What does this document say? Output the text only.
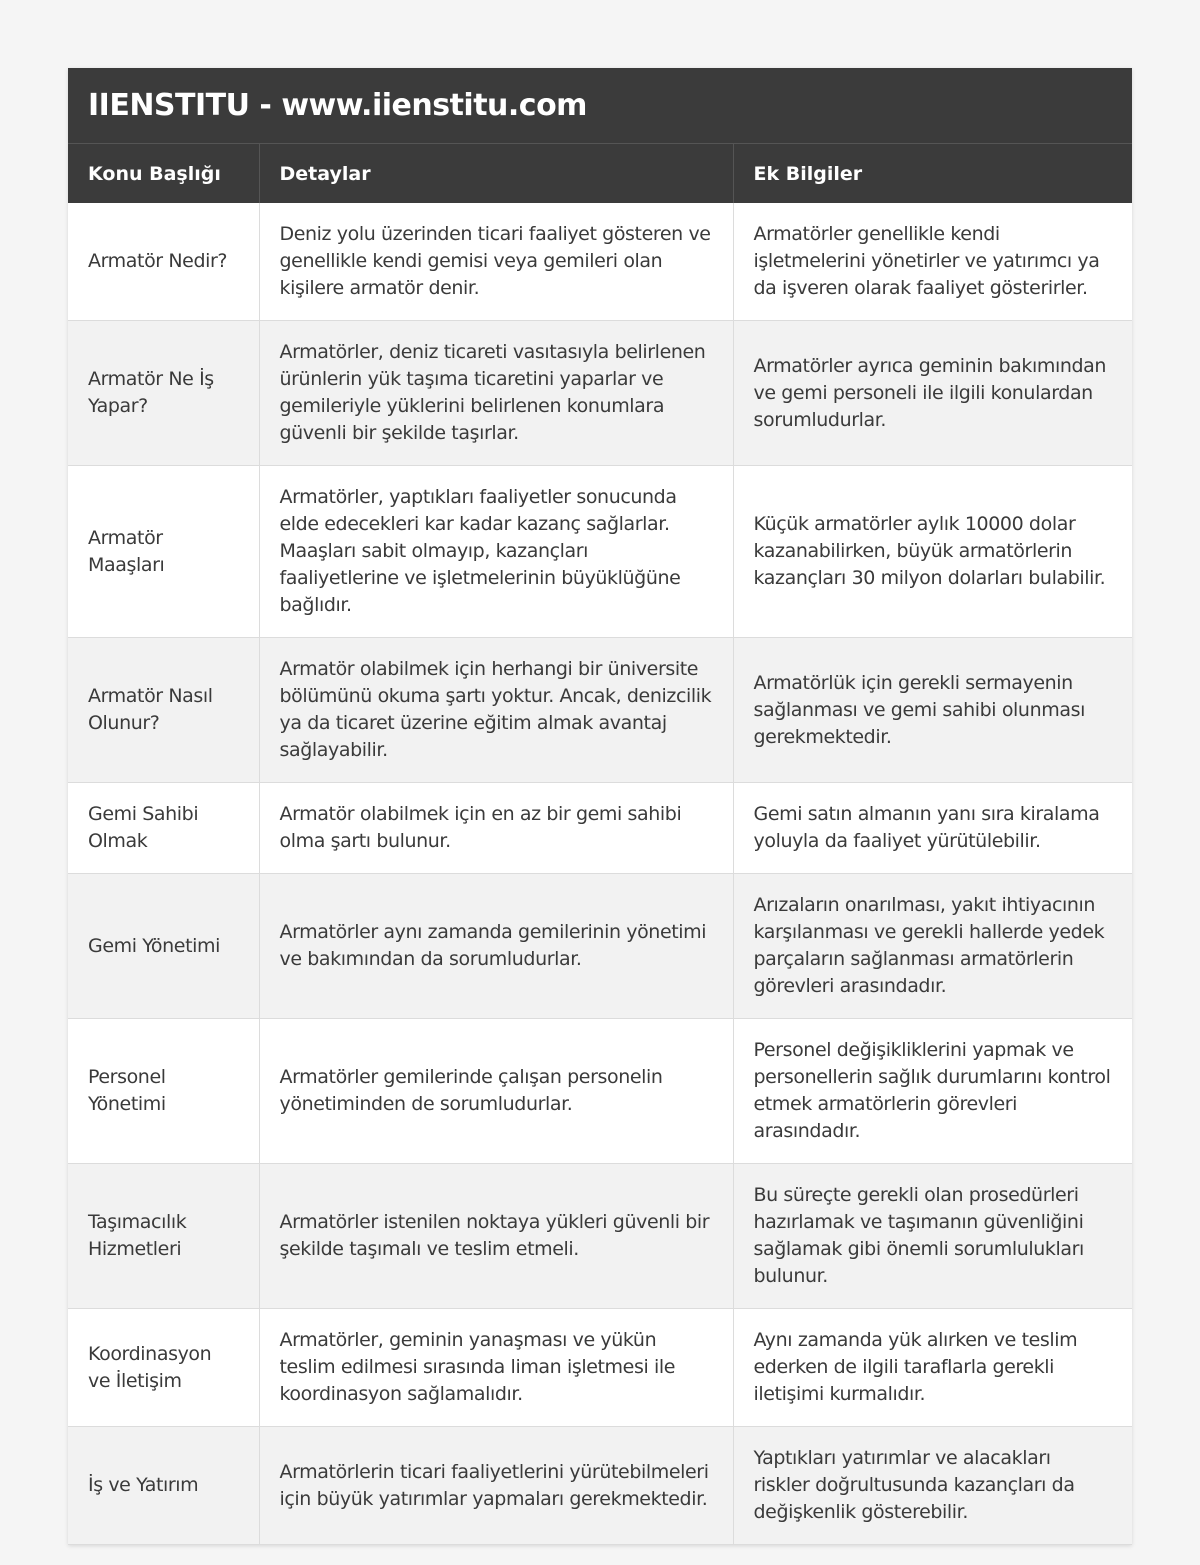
IIENSTITU - www.iienstitu.com
Konu Başlığı	Detaylar	Ek Bilgiler
Armatör Nedir?	Deniz yolu üzerinden ticari faaliyet gösteren ve genellikle kendi gemisi veya gemileri olan kişilere armatör denir.	Armatörler genellikle kendi işletmelerini yönetirler ve yatırımcı ya da işveren olarak faaliyet gösterirler.
Armatör Ne İş Yapar?	Armatörler, deniz ticareti vasıtasıyla belirlenen ürünlerin yük taşıma ticaretini yaparlar ve gemileriyle yüklerini belirlenen konumlara güvenli bir şekilde taşırlar.	Armatörler ayrıca geminin bakımından ve gemi personeli ile ilgili konulardan sorumludurlar.
Armatör Maaşları	Armatörler, yaptıkları faaliyetler sonucunda elde edecekleri kar kadar kazanç sağlarlar. Maaşları sabit olmayıp, kazançları faaliyetlerine ve işletmelerinin büyüklüğüne bağlıdır.	Küçük armatörler aylık 10000 dolar kazanabilirken, büyük armatörlerin kazançları 30 milyon dolarları bulabilir.
Armatör Nasıl Olunur?	Armatör olabilmek için herhangi bir üniversite bölümünü okuma şartı yoktur. Ancak, denizcilik ya da ticaret üzerine eğitim almak avantaj sağlayabilir.	Armatörlük için gerekli sermayenin sağlanması ve gemi sahibi olunması gerekmektedir.
Gemi Sahibi Olmak	Armatör olabilmek için en az bir gemi sahibi olma şartı bulunur.	Gemi satın almanın yanı sıra kiralama yoluyla da faaliyet yürütülebilir.
Gemi Yönetimi	Armatörler aynı zamanda gemilerinin yönetimi ve bakımından da sorumludurlar.	Arızaların onarılması, yakıt ihtiyacının karşılanması ve gerekli hallerde yedek parçaların sağlanması armatörlerin görevleri arasındadır.
Personel Yönetimi	Armatörler gemilerinde çalışan personelin yönetiminden de sorumludurlar.	Personel değişikliklerini yapmak ve personellerin sağlık durumlarını kontrol etmek armatörlerin görevleri arasındadır.
Taşımacılık Hizmetleri	Armatörler istenilen noktaya yükleri güvenli bir şekilde taşımalı ve teslim etmeli.	Bu süreçte gerekli olan prosedürleri hazırlamak ve taşımanın güvenliğini sağlamak gibi önemli sorumlulukları bulunur.
Koordinasyon ve İletişim	Armatörler, geminin yanaşması ve yükün teslim edilmesi sırasında liman işletmesi ile koordinasyon sağlamalıdır.	Aynı zamanda yük alırken ve teslim ederken de ilgili taraflarla gerekli iletişimi kurmalıdır.
İş ve Yatırım	Armatörlerin ticari faaliyetlerini yürütebilmeleri için büyük yatırımlar yapmaları gerekmektedir.	Yaptıkları yatırımlar ve alacakları riskler doğrultusunda kazançları da değişkenlik gösterebilir.
